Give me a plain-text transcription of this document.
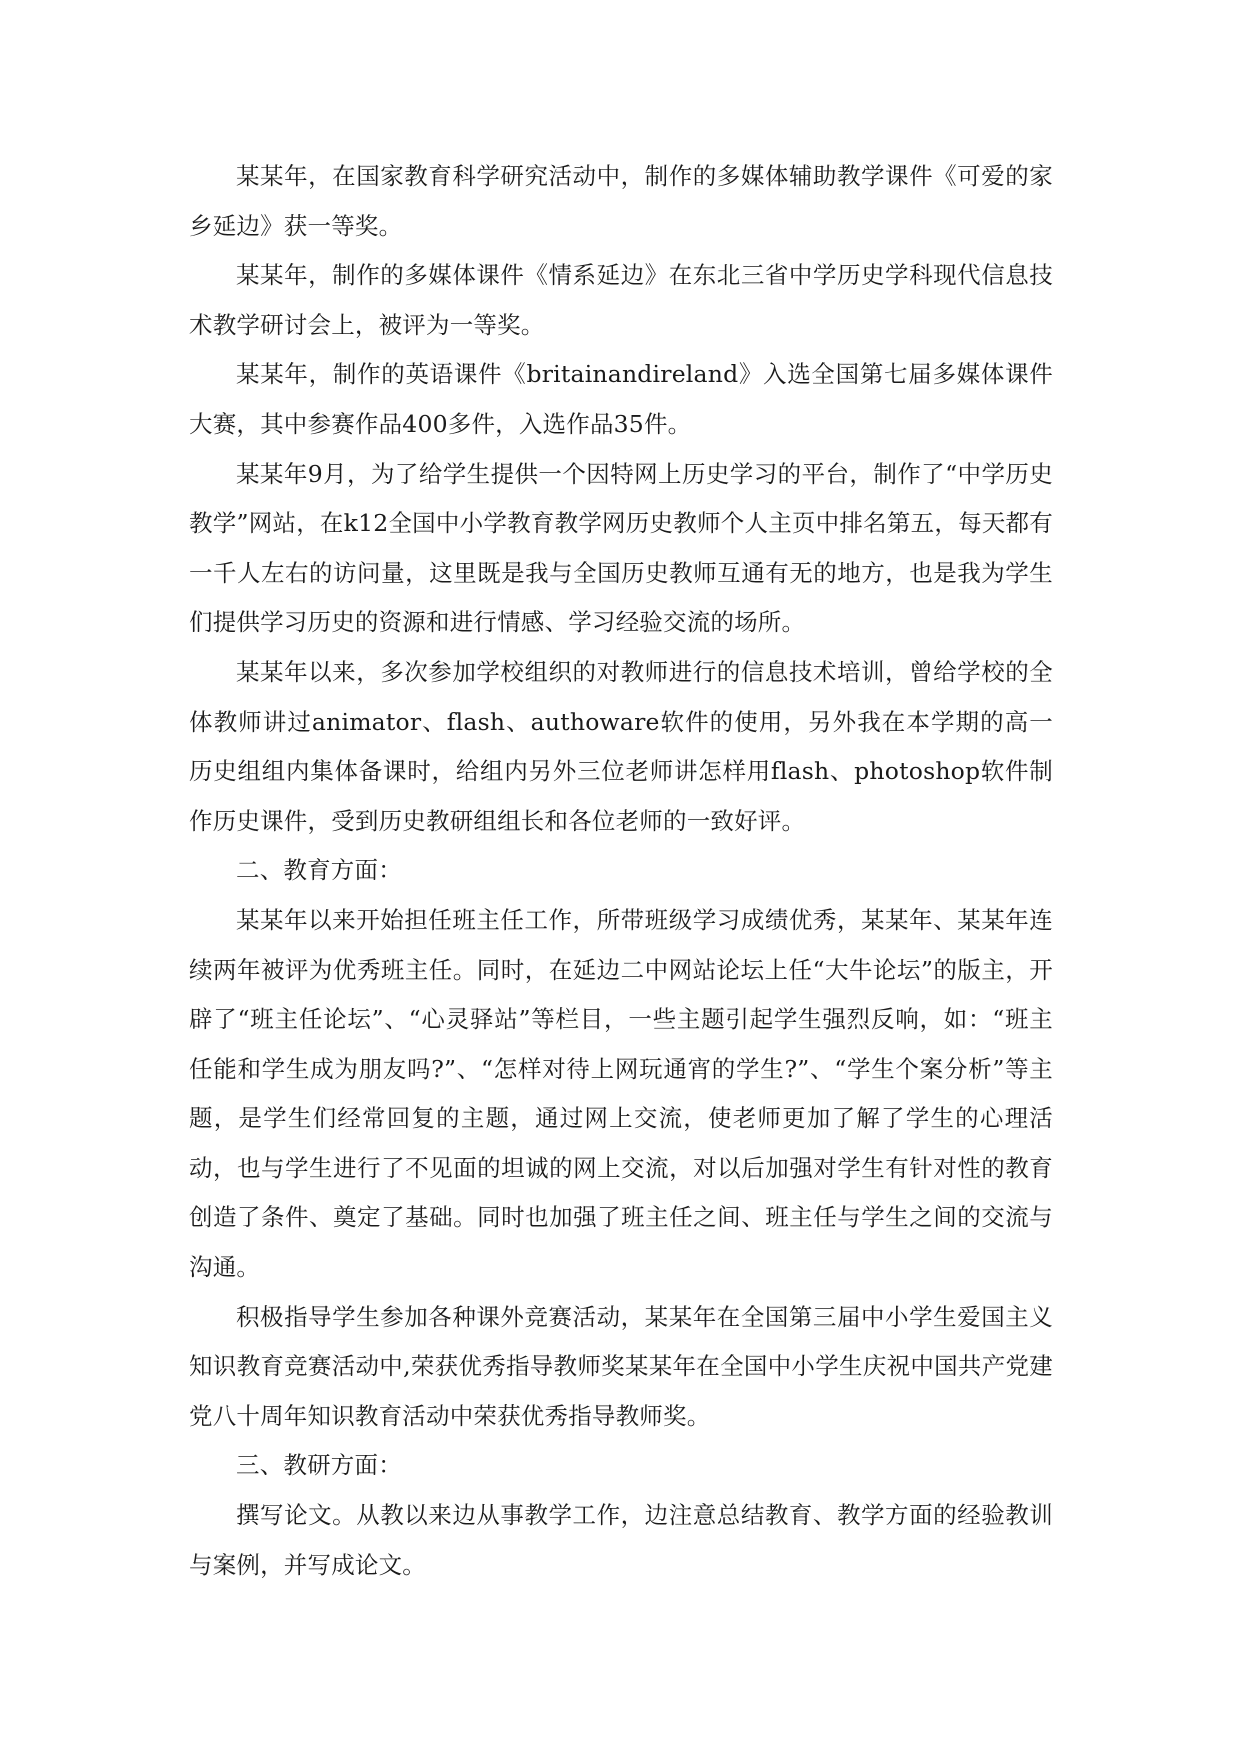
某某年，在国家教育科学研究活动中，制作的多媒体辅助教学课件《可爱的家乡延边》获一等奖。

某某年，制作的多媒体课件《情系延边》在东北三省中学历史学科现代信息技术教学研讨会上，被评为一等奖。

某某年，制作的英语课件《britainandireland》入选全国第七届多媒体课件大赛，其中参赛作品400多件，入选作品35件。

某某年9月，为了给学生提供一个因特网上历史学习的平台，制作了“中学历史教学”网站，在k12全国中小学教育教学网历史教师个人主页中排名第五，每天都有一千人左右的访问量，这里既是我与全国历史教师互通有无的地方，也是我为学生们提供学习历史的资源和进行情感、学习经验交流的场所。

某某年以来，多次参加学校组织的对教师进行的信息技术培训，曾给学校的全体教师讲过animator、flash、authoware软件的使用，另外我在本学期的高一历史组组内集体备课时，给组内另外三位老师讲怎样用flash、photoshop软件制作历史课件，受到历史教研组组长和各位老师的一致好评。

二、教育方面：

某某年以来开始担任班主任工作，所带班级学习成绩优秀，某某年、某某年连续两年被评为优秀班主任。同时，在延边二中网站论坛上任“大牛论坛”的版主，开辟了“班主任论坛”、“心灵驿站”等栏目，一些主题引起学生强烈反响，如：“班主任能和学生成为朋友吗?”、“怎样对待上网玩通宵的学生?”、“学生个案分析”等主题，是学生们经常回复的主题，通过网上交流，使老师更加了解了学生的心理活动，也与学生进行了不见面的坦诚的网上交流，对以后加强对学生有针对性的教育创造了条件、奠定了基础。同时也加强了班主任之间、班主任与学生之间的交流与沟通。

积极指导学生参加各种课外竞赛活动，某某年在全国第三届中小学生爱国主义知识教育竞赛活动中,荣获优秀指导教师奖某某年在全国中小学生庆祝中国共产党建党八十周年知识教育活动中荣获优秀指导教师奖。

三、教研方面：

撰写论文。从教以来边从事教学工作，边注意总结教育、教学方面的经验教训与案例，并写成论文。
